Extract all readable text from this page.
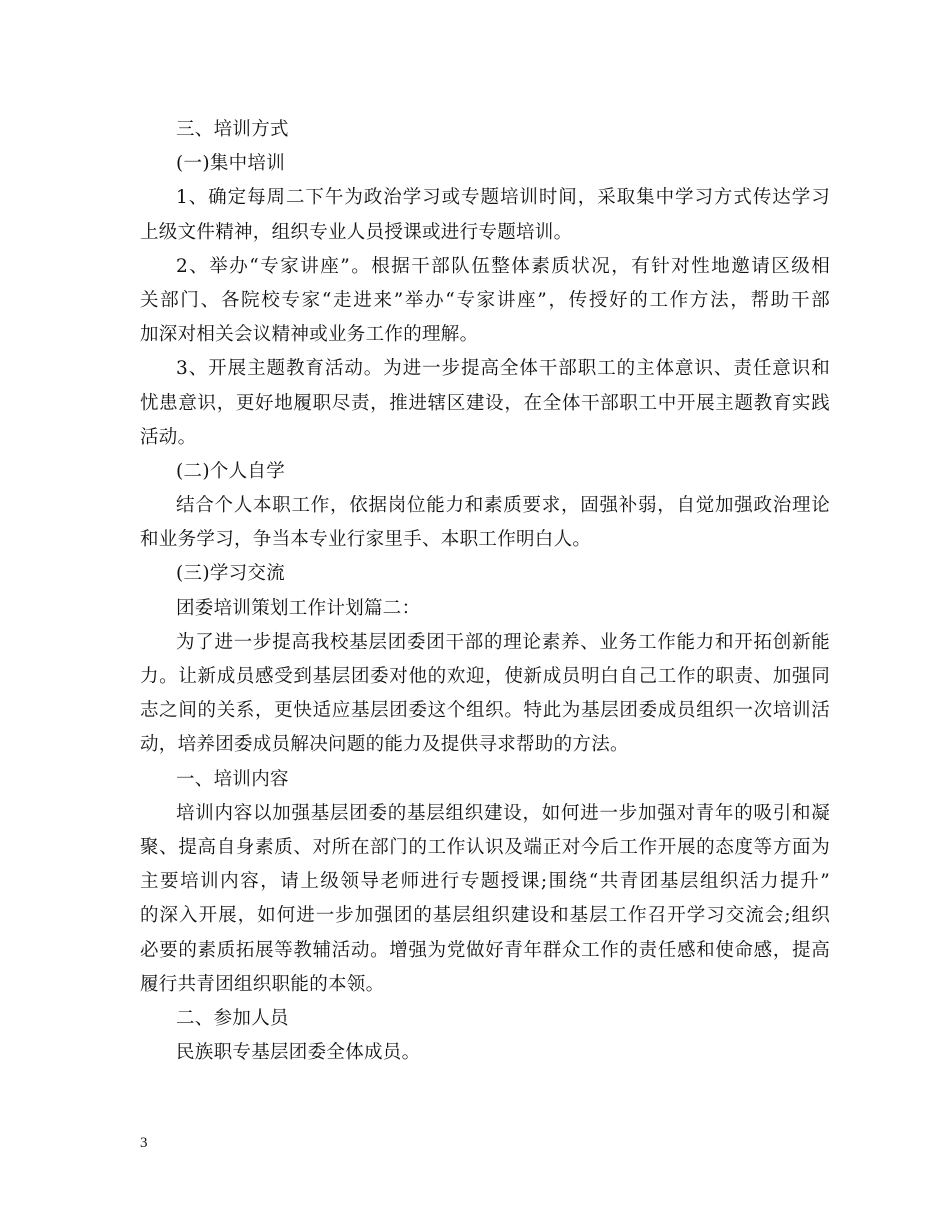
三、培训方式
(一)集中培训
1、确定每周二下午为政治学习或专题培训时间，采取集中学习方式传达学习
上级文件精神，组织专业人员授课或进行专题培训。
2、举办“专家讲座”。根据干部队伍整体素质状况，有针对性地邀请区级相
关部门、各院校专家“走进来”举办“专家讲座”，传授好的工作方法，帮助干部
加深对相关会议精神或业务工作的理解。
3、开展主题教育活动。为进一步提高全体干部职工的主体意识、责任意识和
忧患意识，更好地履职尽责，推进辖区建设，在全体干部职工中开展主题教育实践
活动。
(二)个人自学
结合个人本职工作，依据岗位能力和素质要求，固强补弱，自觉加强政治理论
和业务学习，争当本专业行家里手、本职工作明白人。
(三)学习交流
团委培训策划工作计划篇二：
为了进一步提高我校基层团委团干部的理论素养、业务工作能力和开拓创新能
力。让新成员感受到基层团委对他的欢迎，使新成员明白自己工作的职责、加强同
志之间的关系，更快适应基层团委这个组织。特此为基层团委成员组织一次培训活
动，培养团委成员解决问题的能力及提供寻求帮助的方法。
一、培训内容
培训内容以加强基层团委的基层组织建设，如何进一步加强对青年的吸引和凝
聚、提高自身素质、对所在部门的工作认识及端正对今后工作开展的态度等方面为
主要培训内容，请上级领导老师进行专题授课;围绕“共青团基层组织活力提升”
的深入开展，如何进一步加强团的基层组织建设和基层工作召开学习交流会;组织
必要的素质拓展等教辅活动。增强为党做好青年群众工作的责任感和使命感，提高
履行共青团组织职能的本领。
二、参加人员
民族职专基层团委全体成员。
3
